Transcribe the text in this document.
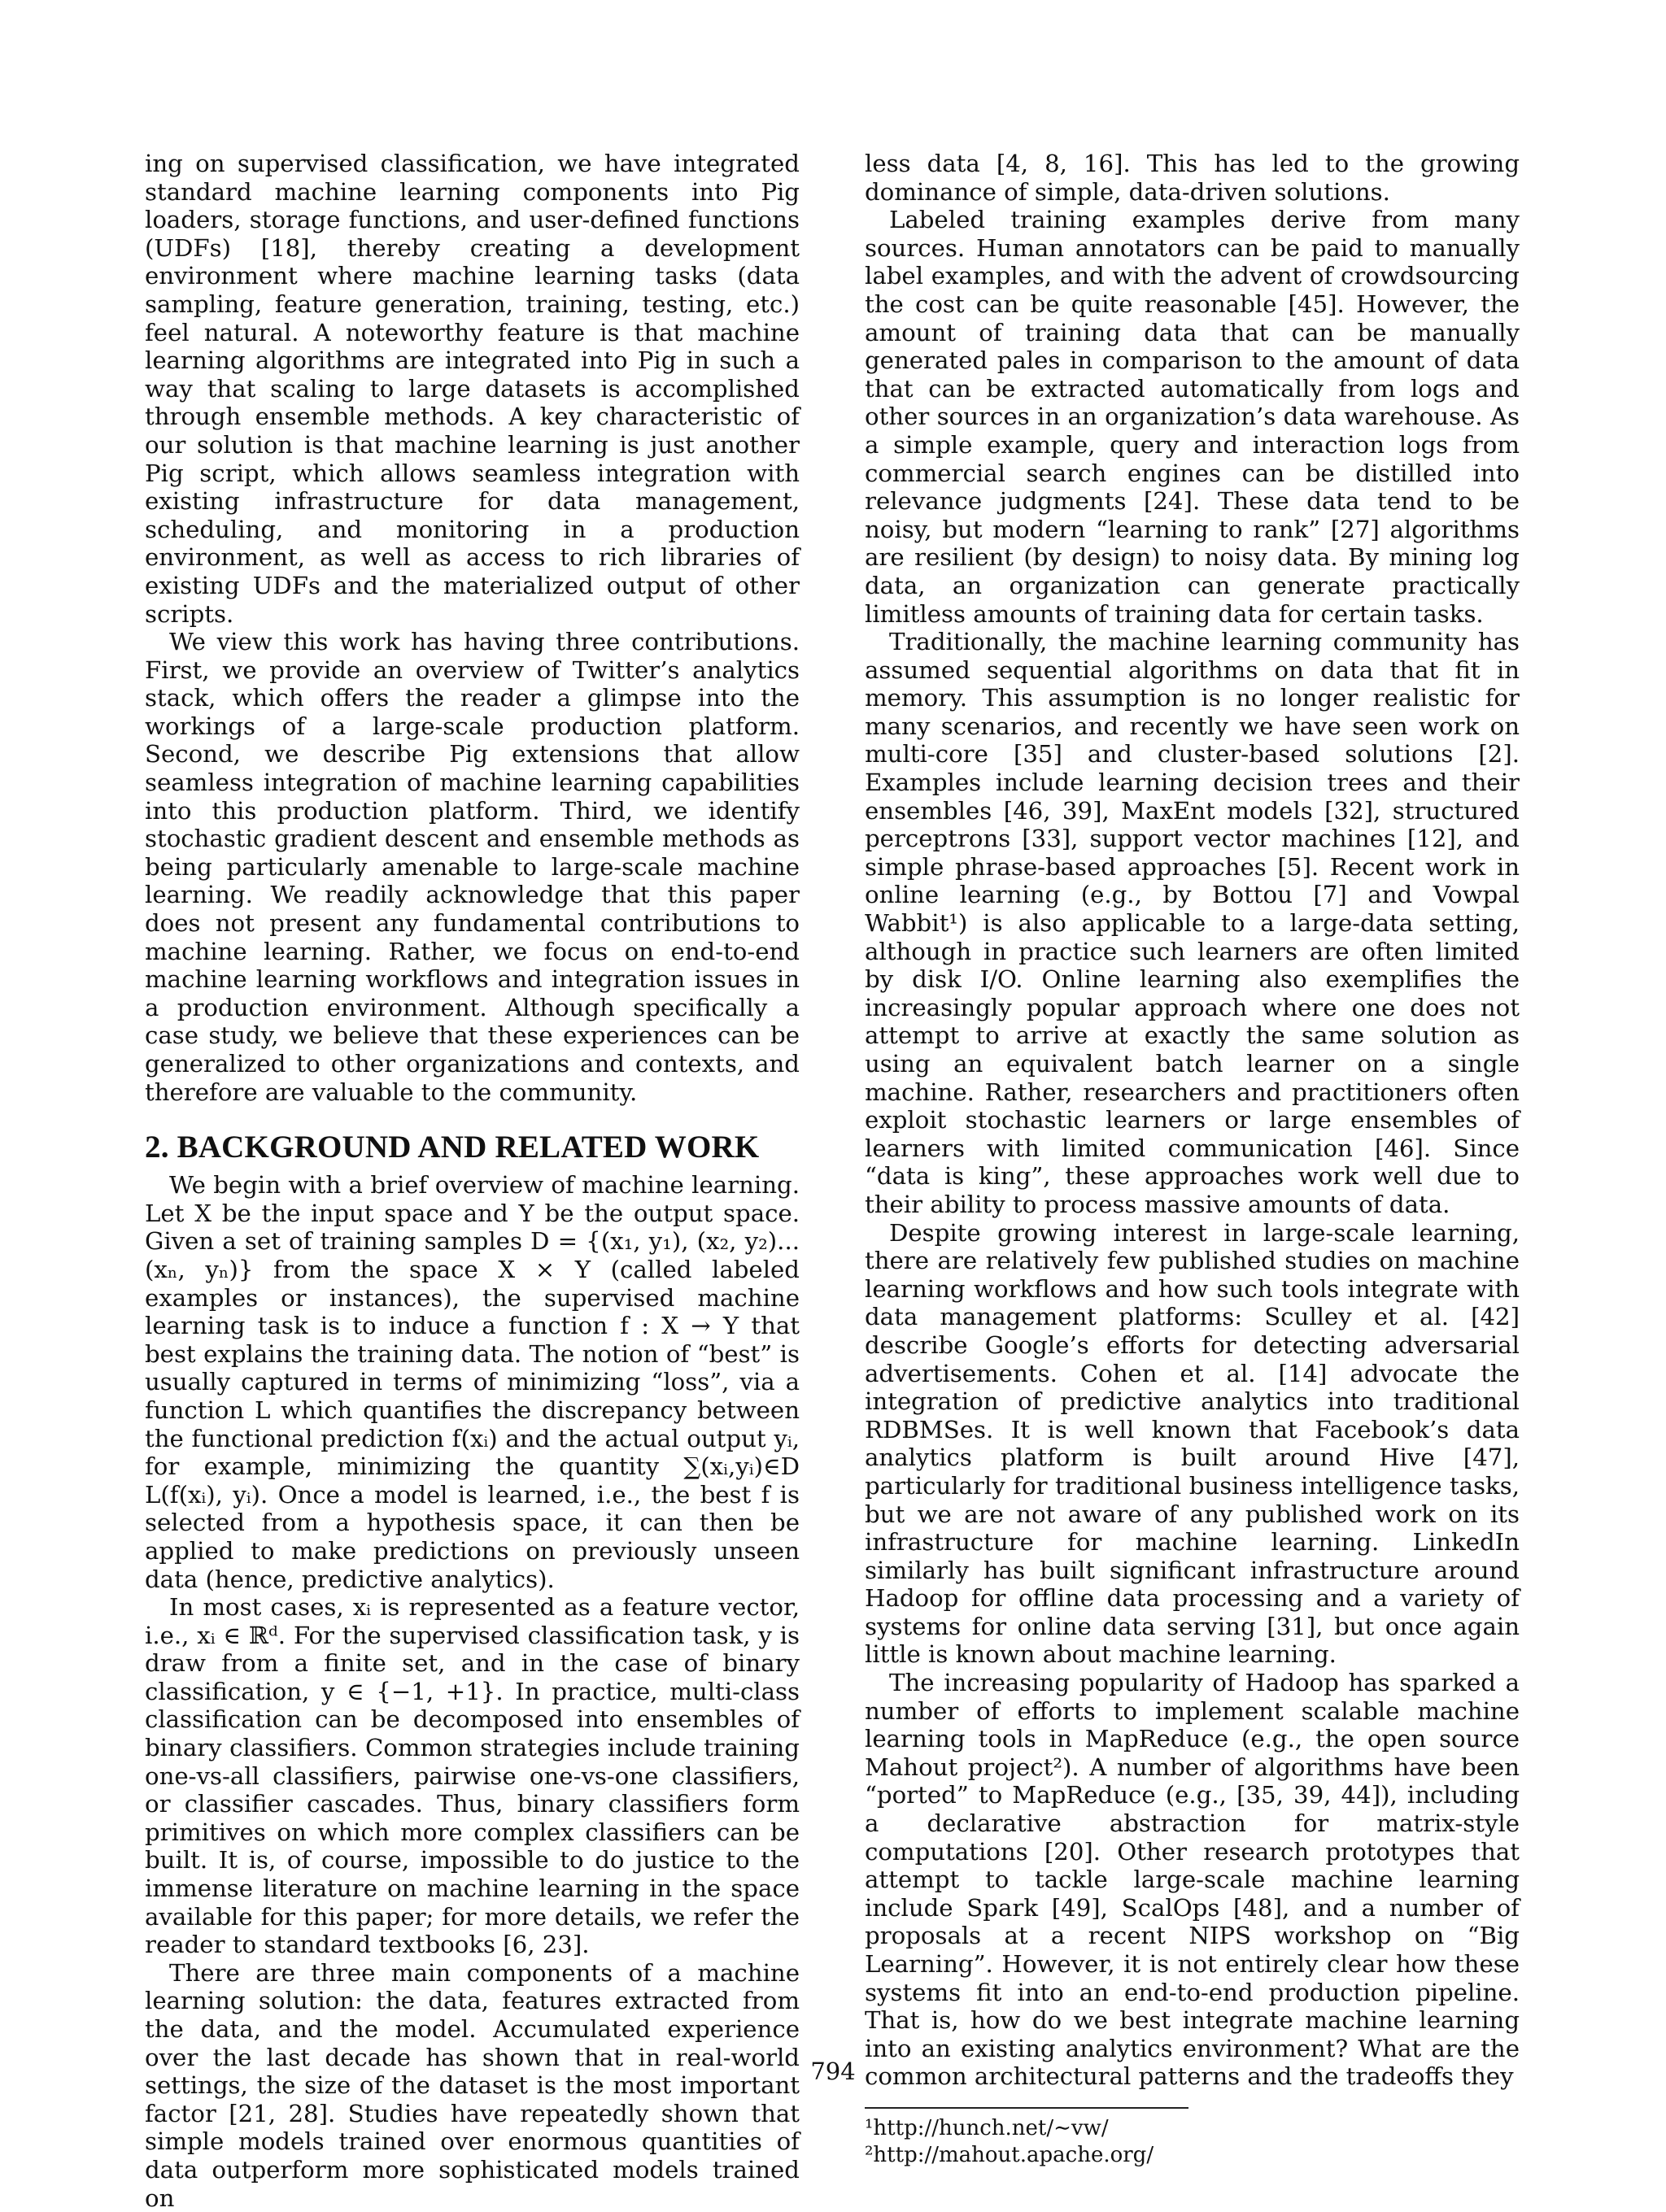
ing on supervised classification, we have integrated standard machine learning components into Pig loaders, storage functions, and user-defined functions (UDFs) [18], thereby creating a development environment where machine learning tasks (data sampling, feature generation, training, testing, etc.) feel natural. A noteworthy feature is that machine learning algorithms are integrated into Pig in such a way that scaling to large datasets is accomplished through ensemble methods. A key characteristic of our solution is that machine learning is just another Pig script, which allows seamless integration with existing infrastructure for data management, scheduling, and monitoring in a production environment, as well as access to rich libraries of existing UDFs and the materialized output of other scripts.

We view this work has having three contributions. First, we provide an overview of Twitter’s analytics stack, which offers the reader a glimpse into the workings of a large-scale production platform. Second, we describe Pig extensions that allow seamless integration of machine learning capabilities into this production platform. Third, we identify stochastic gradient descent and ensemble methods as being particularly amenable to large-scale machine learning. We readily acknowledge that this paper does not present any fundamental contributions to machine learning. Rather, we focus on end-to-end machine learning workflows and integration issues in a production environment. Although specifically a case study, we believe that these experiences can be generalized to other organizations and contexts, and therefore are valuable to the community.

2. BACKGROUND AND RELATED WORK

We begin with a brief overview of machine learning. Let X be the input space and Y be the output space. Given a set of training samples D = {(x₁, y₁), (x₂, y₂)...(xₙ, yₙ)} from the space X × Y (called labeled examples or instances), the supervised machine learning task is to induce a function f : X → Y that best explains the training data. The notion of “best” is usually captured in terms of minimizing “loss”, via a function L which quantifies the discrepancy between the functional prediction f(xᵢ) and the actual output yᵢ, for example, minimizing the quantity ∑(xᵢ,yᵢ)∈D L(f(xᵢ), yᵢ). Once a model is learned, i.e., the best f is selected from a hypothesis space, it can then be applied to make predictions on previously unseen data (hence, predictive analytics).

In most cases, xᵢ is represented as a feature vector, i.e., xᵢ ∈ ℝᵈ. For the supervised classification task, y is draw from a finite set, and in the case of binary classification, y ∈ {−1, +1}. In practice, multi-class classification can be decomposed into ensembles of binary classifiers. Common strategies include training one-vs-all classifiers, pairwise one-vs-one classifiers, or classifier cascades. Thus, binary classifiers form primitives on which more complex classifiers can be built. It is, of course, impossible to do justice to the immense literature on machine learning in the space available for this paper; for more details, we refer the reader to standard textbooks [6, 23].

There are three main components of a machine learning solution: the data, features extracted from the data, and the model. Accumulated experience over the last decade has shown that in real-world settings, the size of the dataset is the most important factor [21, 28]. Studies have repeatedly shown that simple models trained over enormous quantities of data outperform more sophisticated models trained on

less data [4, 8, 16]. This has led to the growing dominance of simple, data-driven solutions.

Labeled training examples derive from many sources. Human annotators can be paid to manually label examples, and with the advent of crowdsourcing the cost can be quite reasonable [45]. However, the amount of training data that can be manually generated pales in comparison to the amount of data that can be extracted automatically from logs and other sources in an organization’s data warehouse. As a simple example, query and interaction logs from commercial search engines can be distilled into relevance judgments [24]. These data tend to be noisy, but modern “learning to rank” [27] algorithms are resilient (by design) to noisy data. By mining log data, an organization can generate practically limitless amounts of training data for certain tasks.

Traditionally, the machine learning community has assumed sequential algorithms on data that fit in memory. This assumption is no longer realistic for many scenarios, and recently we have seen work on multi-core [35] and cluster-based solutions [2]. Examples include learning decision trees and their ensembles [46, 39], MaxEnt models [32], structured perceptrons [33], support vector machines [12], and simple phrase-based approaches [5]. Recent work in online learning (e.g., by Bottou [7] and Vowpal Wabbit¹) is also applicable to a large-data setting, although in practice such learners are often limited by disk I/O. Online learning also exemplifies the increasingly popular approach where one does not attempt to arrive at exactly the same solution as using an equivalent batch learner on a single machine. Rather, researchers and practitioners often exploit stochastic learners or large ensembles of learners with limited communication [46]. Since “data is king”, these approaches work well due to their ability to process massive amounts of data.

Despite growing interest in large-scale learning, there are relatively few published studies on machine learning workflows and how such tools integrate with data management platforms: Sculley et al. [42] describe Google’s efforts for detecting adversarial advertisements. Cohen et al. [14] advocate the integration of predictive analytics into traditional RDBMSes. It is well known that Facebook’s data analytics platform is built around Hive [47], particularly for traditional business intelligence tasks, but we are not aware of any published work on its infrastructure for machine learning. LinkedIn similarly has built significant infrastructure around Hadoop for offline data processing and a variety of systems for online data serving [31], but once again little is known about machine learning.

The increasing popularity of Hadoop has sparked a number of efforts to implement scalable machine learning tools in MapReduce (e.g., the open source Mahout project²). A number of algorithms have been “ported” to MapReduce (e.g., [35, 39, 44]), including a declarative abstraction for matrix-style computations [20]. Other research prototypes that attempt to tackle large-scale machine learning include Spark [49], ScalOps [48], and a number of proposals at a recent NIPS workshop on “Big Learning”. However, it is not entirely clear how these systems fit into an end-to-end production pipeline. That is, how do we best integrate machine learning into an existing analytics environment? What are the common architectural patterns and the tradeoffs they

¹http://hunch.net/∼vw/

²http://mahout.apache.org/

794
